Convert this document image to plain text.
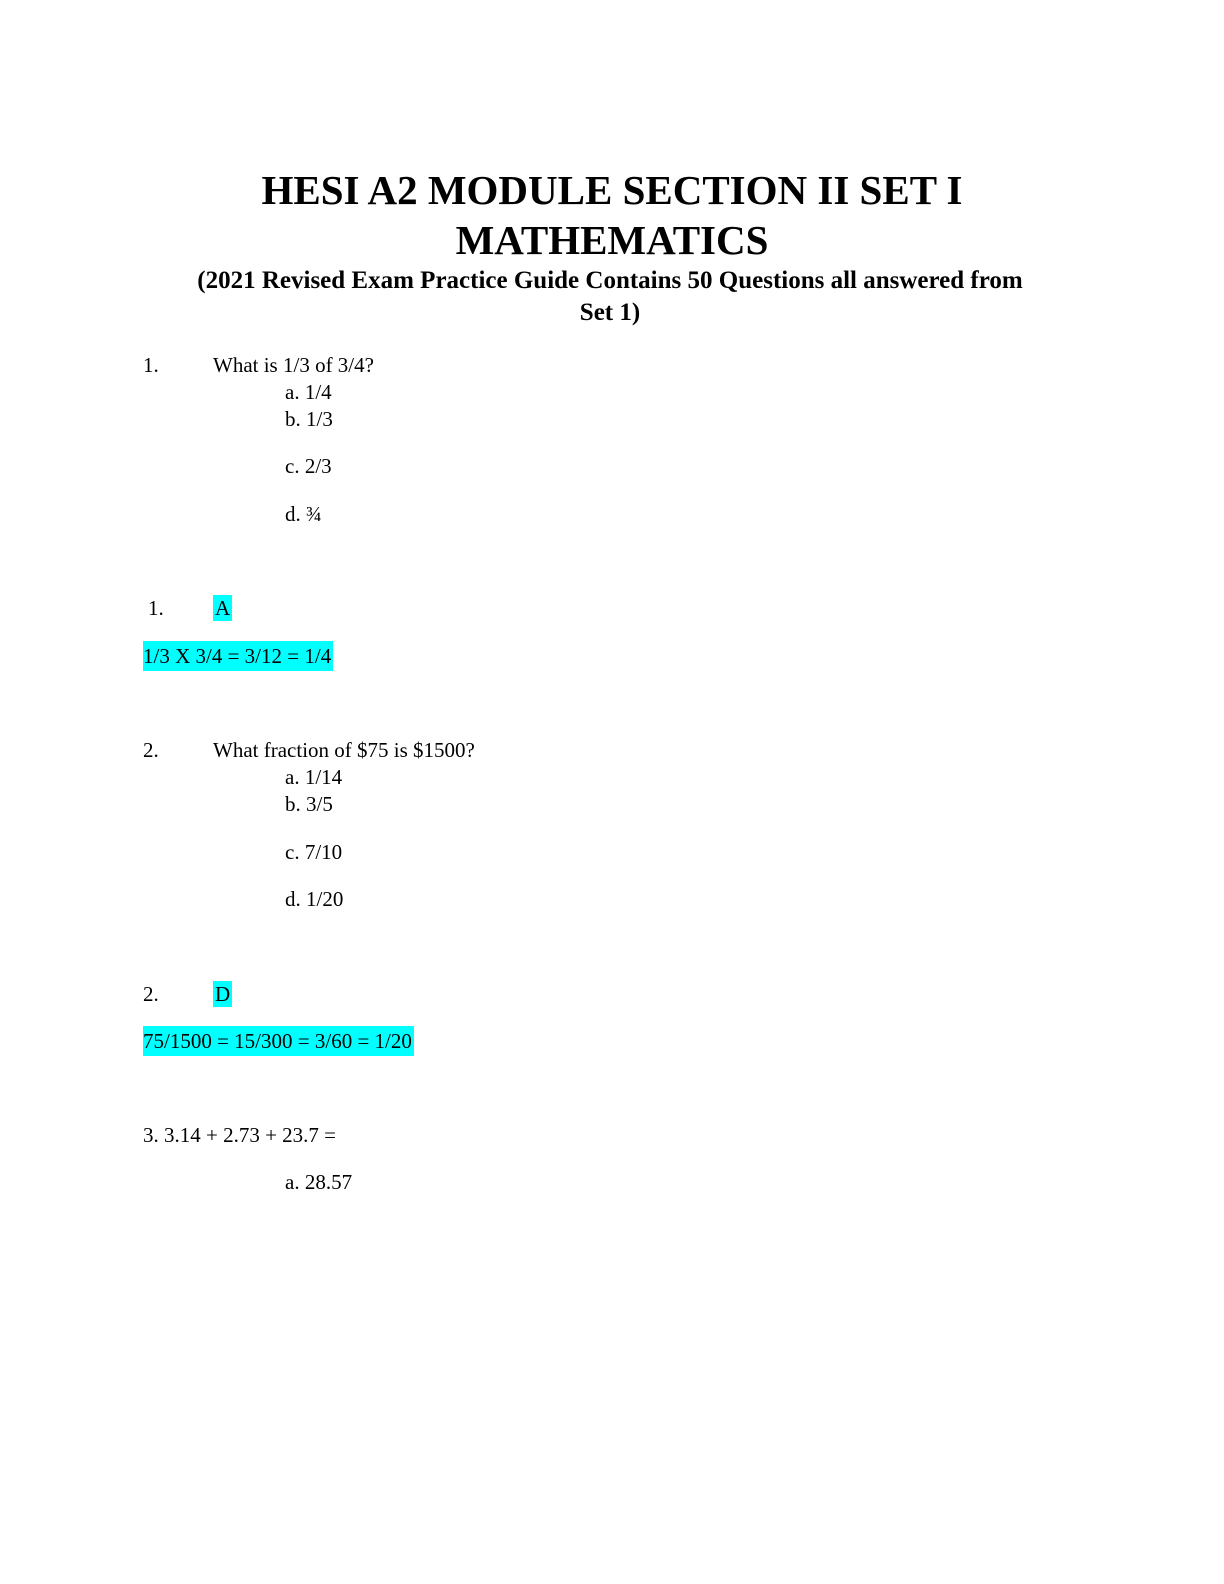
HESI A2 MODULE SECTION II SET I
MATHEMATICS

(2021 Revised Exam Practice Guide Contains 50 Questions all answered from

Set 1)

1.	What is 1/3 of 3/4?
a. 1/4
b. 1/3
c. 2/3
d. ¾
1. A
1/3 X 3/4 = 3/12 = 1/4
2.	What fraction of $75 is $1500?
a. 1/14
b. 3/5
c. 7/10
d. 1/20
2.	D
75/1500 = 15/300 = 3/60 = 1/20
3. 3.14 + 2.73 + 23.7 =
a. 28.57
